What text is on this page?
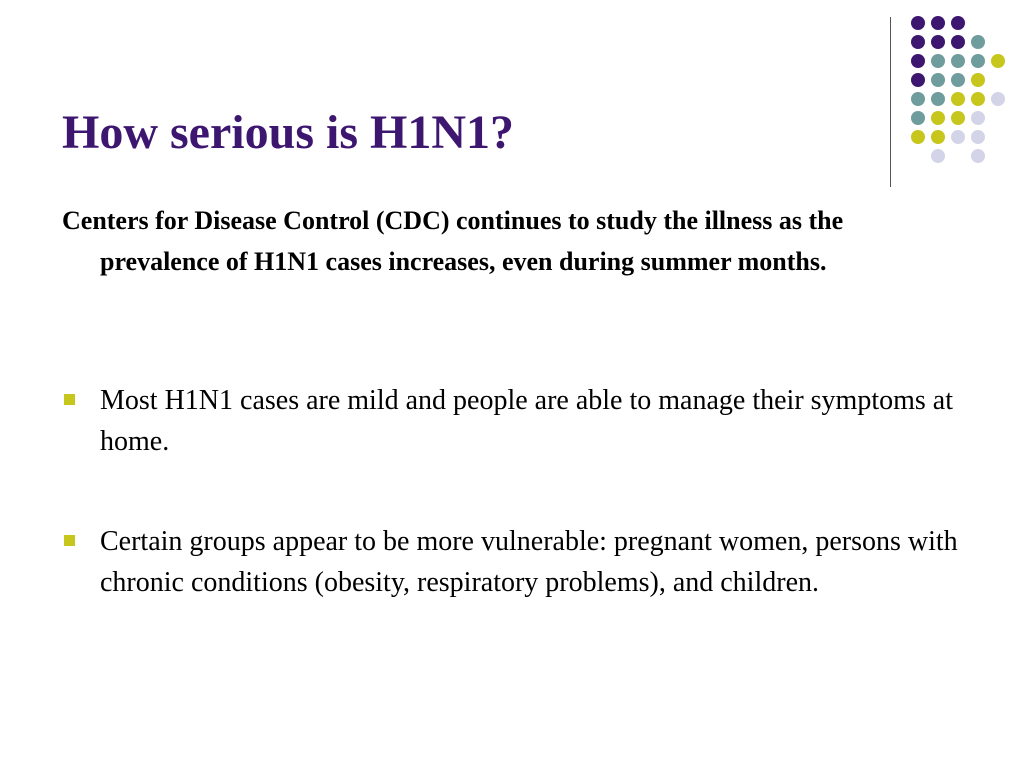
How serious is H1N1?

Centers for Disease Control (CDC) continues to study the illness as the prevalence of H1N1 cases increases, even during summer months.

Most H1N1 cases are mild and people are able to manage their symptoms at home.
Certain groups appear to be more vulnerable: pregnant women, persons with chronic conditions (obesity, respiratory problems), and children.
